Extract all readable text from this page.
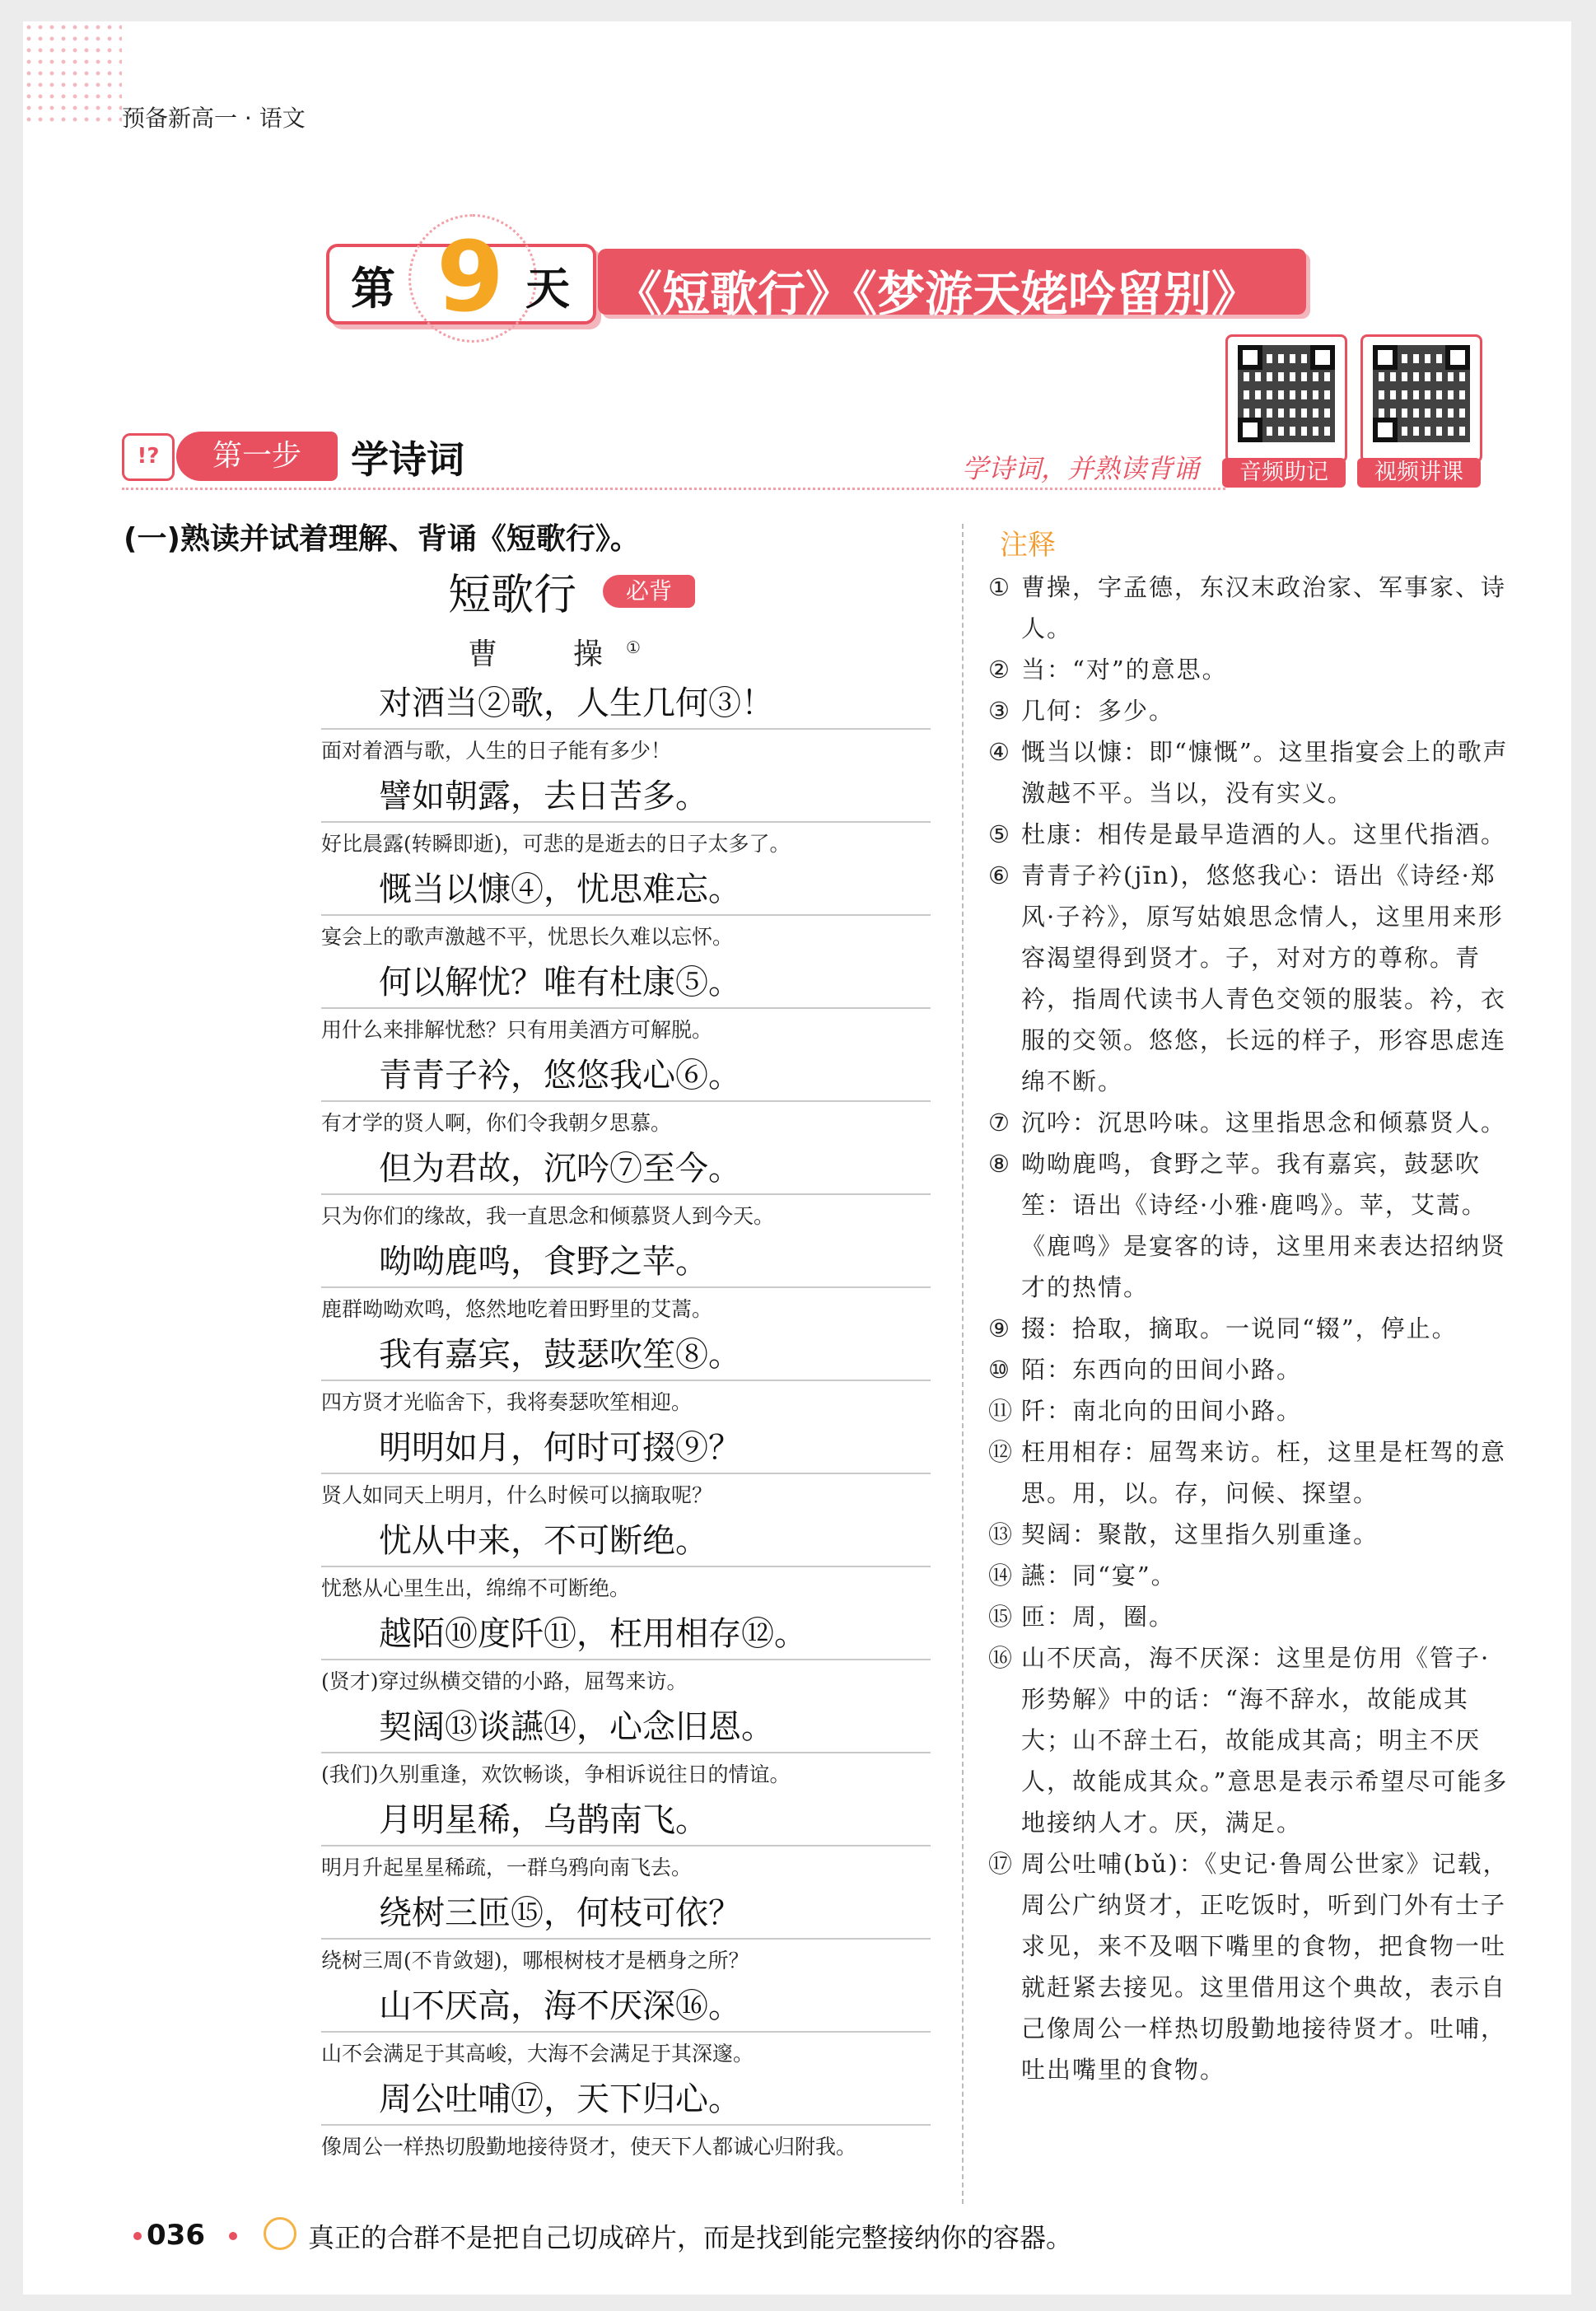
预备新高一 · 语文
第 9 天 《短歌行》《梦游天姥吟留别》
音频助记	视频讲课
!?	第一步	学诗词	学诗词，并熟读背诵
(一)熟读并试着理解、背诵《短歌行》。
短歌行	必背
曹　操①
对酒当②歌，人生几何③！
面对着酒与歌，人生的日子能有多少！
譬如朝露，去日苦多。
好比晨露(转瞬即逝)，可悲的是逝去的日子太多了。
慨当以慷④，忧思难忘。
宴会上的歌声激越不平，忧思长久难以忘怀。
何以解忧？唯有杜康⑤。
用什么来排解忧愁？只有用美酒方可解脱。
青青子衿，悠悠我心⑥。
有才学的贤人啊，你们令我朝夕思慕。
但为君故，沉吟⑦至今。
只为你们的缘故，我一直思念和倾慕贤人到今天。
呦呦鹿鸣，食野之苹。
鹿群呦呦欢鸣，悠然地吃着田野里的艾蒿。
我有嘉宾，鼓瑟吹笙⑧。
四方贤才光临舍下，我将奏瑟吹笙相迎。
明明如月，何时可掇⑨？
贤人如同天上明月，什么时候可以摘取呢？
忧从中来，不可断绝。
忧愁从心里生出，绵绵不可断绝。
越陌⑩度阡⑪，枉用相存⑫。
(贤才)穿过纵横交错的小路，屈驾来访。
契阔⑬谈讌⑭，心念旧恩。
(我们)久别重逢，欢饮畅谈，争相诉说往日的情谊。
月明星稀，乌鹊南飞。
明月升起星星稀疏，一群乌鸦向南飞去。
绕树三匝⑮，何枝可依？
绕树三周(不肯敛翅)，哪根树枝才是栖身之所？
山不厌高，海不厌深⑯。
山不会满足于其高峻，大海不会满足于其深邃。
周公吐哺⑰，天下归心。
像周公一样热切殷勤地接待贤才，使天下人都诚心归附我。
注释
① 曹操，字孟德，东汉末政治家、军事家、诗人。
② 当：“对”的意思。
③ 几何：多少。
④ 慨当以慷：即“慷慨”。这里指宴会上的歌声激越不平。当以，没有实义。
⑤ 杜康：相传是最早造酒的人。这里代指酒。
⑥ 青青子衿(jīn)，悠悠我心：语出《诗经·郑风·子衿》，原写姑娘思念情人，这里用来形容渴望得到贤才。子，对对方的尊称。青衿，指周代读书人青色交领的服装。衿，衣服的交领。悠悠，长远的样子，形容思虑连绵不断。
⑦ 沉吟：沉思吟味。这里指思念和倾慕贤人。
⑧ 呦呦鹿鸣，食野之苹。我有嘉宾，鼓瑟吹笙：语出《诗经·小雅·鹿鸣》。苹，艾蒿。《鹿鸣》是宴客的诗，这里用来表达招纳贤才的热情。
⑨ 掇：拾取，摘取。一说同“辍”，停止。
⑩ 陌：东西向的田间小路。
⑪ 阡：南北向的田间小路。
⑫ 枉用相存：屈驾来访。枉，这里是枉驾的意思。用，以。存，问候、探望。
⑬ 契阔：聚散，这里指久别重逢。
⑭ 讌：同“宴”。
⑮ 匝：周，圈。
⑯ 山不厌高，海不厌深：这里是仿用《管子·形势解》中的话：“海不辞水，故能成其大；山不辞土石，故能成其高；明主不厌人，故能成其众。”意思是表示希望尽可能多地接纳人才。厌，满足。
⑰ 周公吐哺(bǔ)：《史记·鲁周公世家》记载，周公广纳贤才，正吃饭时，听到门外有士子求见，来不及咽下嘴里的食物，把食物一吐就赶紧去接见。这里借用这个典故，表示自己像周公一样热切殷勤地接待贤才。吐哺，吐出嘴里的食物。
036	真正的合群不是把自己切成碎片，而是找到能完整接纳你的容器。
